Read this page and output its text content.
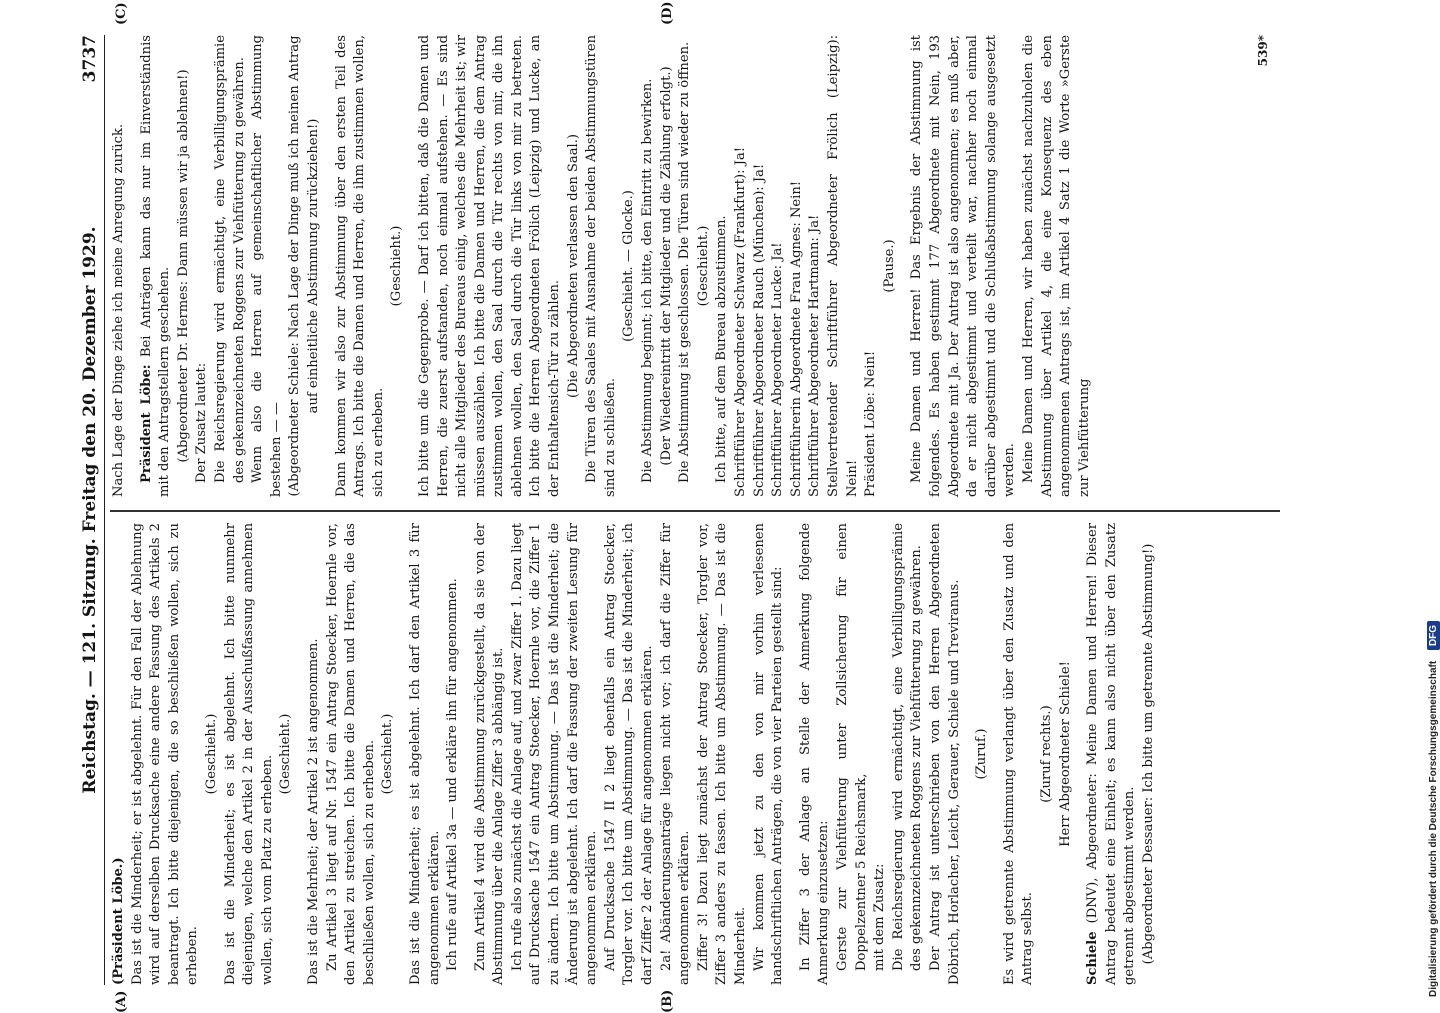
Reichstag. — 121. Sitzung. Freitag den 20. Dezember 1929.
3737
(A)	(B)
(C)	(D)

(Präsident Löbe.) Das ist die Minderheit; er ist abgelehnt. Für den Fall der Ablehnung wird auf derselben Drucksache eine andere Fassung des Artikels 2 beantragt. Ich bitte diejenigen, die so beschließen wollen, sich zu erheben.

(Geschieht.) Das ist die Minderheit; es ist abgelehnt. Ich bitte nunmehr diejenigen, welche den Artikel 2 in der Ausschußfassung annehmen wollen, sich vom Platz zu erheben.

(Geschieht.) Das ist die Mehrheit; der Artikel 2 ist angenommen. Zu Artikel 3 liegt auf Nr. 1547 ein Antrag Stoecker, Hoernle vor, den Artikel zu streichen. Ich bitte die Damen und Herren, die das beschließen wollen, sich zu erheben. (Geschieht.) Das ist die Minderheit; es ist abgelehnt. Ich darf den Artikel 3 für angenommen erklären. Ich rufe auf Artikel 3a — und erkläre ihn für angenommen. Zum Artikel 4 wird die Abstimmung zurückgestellt, da sie von der Abstimmung über die Anlage Ziffer 3 abhängig ist. Ich rufe also zunächst die Anlage auf, und zwar Ziffer 1. Dazu liegt auf Drucksache 1547 ein Antrag Stoecker, Hoernle vor, die Ziffer 1 zu ändern. Ich bitte um Abstimmung. — Das ist die Minderheit; die Änderung ist abgelehnt. Ich darf die Fassung der zweiten Lesung für angenommen erklären. Auf Drucksache 1547 II 2 liegt ebenfalls ein Antrag Stoecker, Torgler vor. Ich bitte um Abstimmung. — Das ist die Minderheit; ich darf Ziffer 2 der Anlage für angenommen erklären. 2a! Abänderungsanträge liegen nicht vor; ich darf die Ziffer für angenommen erklären. Ziffer 3! Dazu liegt zunächst der Antrag Stoecker, Torgler vor, Ziffer 3 anders zu fassen. Ich bitte um Abstimmung. — Das ist die Minderheit. Wir kommen jetzt zu den von mir vorhin verlesenen handschriftlichen Anträgen, die von vier Parteien gestellt sind: In Ziffer 3 der Anlage an Stelle der Anmerkung folgende Anmerkung einzusetzen: Gerste zur Viehfütterung unter Zollsicherung für einen Doppelzentner 5 Reichsmark, mit dem Zusatz: Die Reichsregierung wird ermächtigt, eine Verbilligungsprämie des gekennzeichneten Roggens zur Viehfütterung zu gewähren. Der Antrag ist unterschrieben von den Herren Abgeordneten Döbrich, Horlacher, Leicht, Gerauer, Schiele und Treviranus. (Zuruf.) Es wird getrennte Abstimmung verlangt über den Zusatz und den Antrag selbst.

(Zuruf rechts.) Herr Abgeordneter Schiele!

Schiele (DNV), Abgeordneter: Meine Damen und Herren! Dieser Antrag bedeutet eine Einheit; es kann also nicht über den Zusatz getrennt abgestimmt werden. (Abgeordneter Dessauer: Ich bitte um getrennte Abstimmung!)

Nach Lage der Dinge ziehe ich meine Anregung zurück. Präsident Löbe: Bei Anträgen kann das nur im Einverständnis mit den Antragstellern geschehen. (Abgeordneter Dr. Hermes: Dann müssen wir ja ablehnen!) Der Zusatz lautet: Die Reichsregierung wird ermächtigt, eine Verbilligungsprämie des gekennzeichneten Roggens zur Viehfütterung zu gewähren. Wenn also die Herren auf gemeinschaftlicher Abstimmung bestehen — — (Abgeordneter Schiele: Nach Lage der Dinge muß ich meinen Antrag auf einheitliche Abstimmung zurückziehen!) Dann kommen wir also zur Abstimmung über den ersten Teil des Antrags. Ich bitte die Damen und Herren, die ihm zustimmen wollen, sich zu erheben.

(Geschieht.) Ich bitte um die Gegenprobe. — Darf ich bitten, daß die Damen und Herren, die zuerst aufstanden, noch einmal aufstehen. — Es sind nicht alle Mitglieder des Bureaus einig, welches die Mehrheit ist; wir müssen auszählen. Ich bitte die Damen und Herren, die dem Antrag zustimmen wollen, den Saal durch die Tür rechts von mir, die ihn ablehnen wollen, den Saal durch die Tür links von mir zu betreten. Ich bitte die Herren Abgeordneten Frölich (Leipzig) und Lucke, an der Enthaltensich-Tür zu zählen. (Die Abgeordneten verlassen den Saal.) Die Türen des Saales mit Ausnahme der beiden Abstimmungstüren sind zu schließen.

(Geschieht. — Glocke.) Die Abstimmung beginnt; ich bitte, den Eintritt zu bewirken. (Der Wiedereintritt der Mitglieder und die Zählung erfolgt.) Die Abstimmung ist geschlossen. Die Türen sind wieder zu öffnen. (Geschieht.) Ich bitte, auf dem Bureau abzustimmen. Schriftführer Abgeordneter Schwarz (Frankfurt): Ja! Schriftführer Abgeordneter Rauch (München): Ja! Schriftführer Abgeordneter Lucke: Ja! Schriftführerin Abgeordnete Frau Agnes: Nein! Schriftführer Abgeordneter Hartmann: Ja! Stellvertretender Schriftführer Abgeordneter Frölich (Leipzig): Nein! Präsident Löbe: Nein!

(Pause.) Meine Damen und Herren! Das Ergebnis der Abstimmung ist folgendes. Es haben gestimmt 177 Abgeordnete mit Nein, 193 Abgeordnete mit Ja. Der Antrag ist also angenommen; es muß aber, da er nicht abgestimmt und verteilt war, nachher noch einmal darüber abgestimmt und die Schlußabstimmung solange ausgesetzt werden. Meine Damen und Herren, wir haben zunächst nachzuholen die Abstimmung über Artikel 4, die eine Konsequenz des eben angenommenen Antrags ist, im Artikel 4 Satz 1 die Worte »Gerste zur Viehfütterung

539*
Digitalisierung gefördert durch die Deutsche Forschungsgemeinschaft DFG
